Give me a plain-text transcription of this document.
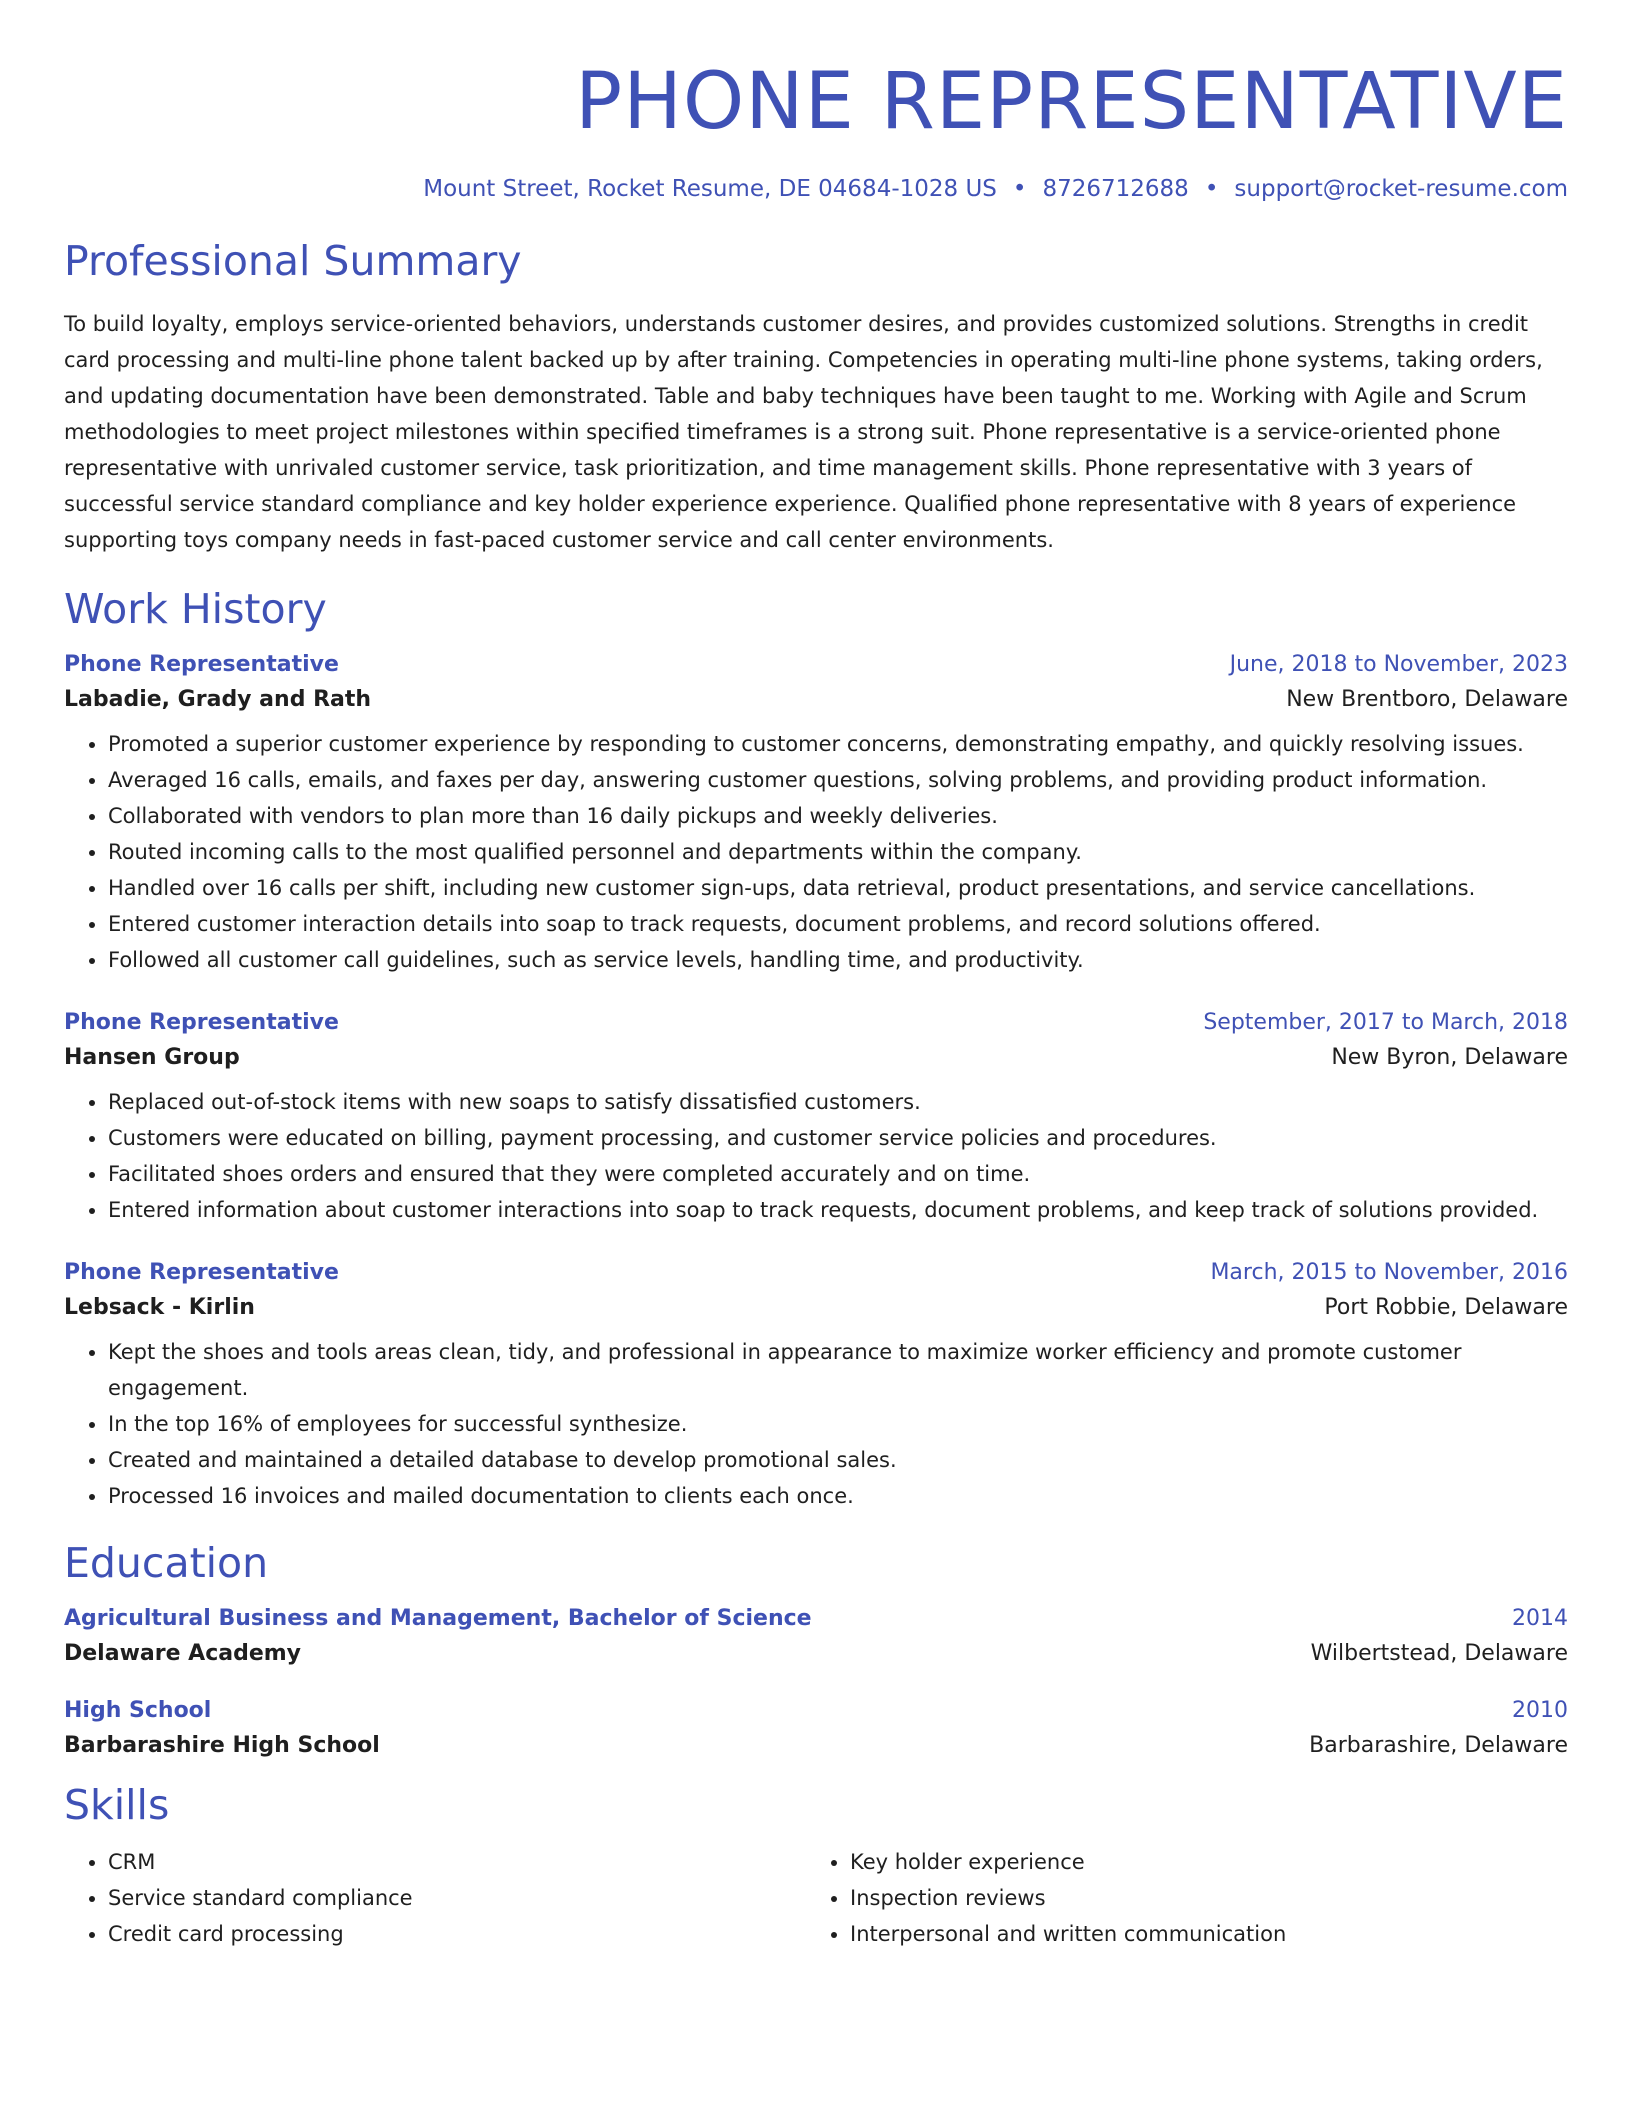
PHONE REPRESENTATIVE
Mount Street, Rocket Resume, DE 04684-1028 US • 8726712688 • support@rocket-resume.com
Professional Summary

To build loyalty, employs service-oriented behaviors, understands customer desires, and provides customized solutions. Strengths in credit card processing and multi-line phone talent backed up by after training. Competencies in operating multi-line phone systems, taking orders, and updating documentation have been demonstrated. Table and baby techniques have been taught to me. Working with Agile and Scrum methodologies to meet project milestones within specified timeframes is a strong suit. Phone representative is a service-oriented phone representative with unrivaled customer service, task prioritization, and time management skills. Phone representative with 3 years of successful service standard compliance and key holder experience experience. Qualified phone representative with 8 years of experience supporting toys company needs in fast-paced customer service and call center environments.

Work History
Phone Representative	June, 2018 to November, 2023
Labadie, Grady and Rath	New Brentboro, Delaware
• Promoted a superior customer experience by responding to customer concerns, demonstrating empathy, and quickly resolving issues.
• Averaged 16 calls, emails, and faxes per day, answering customer questions, solving problems, and providing product information.
• Collaborated with vendors to plan more than 16 daily pickups and weekly deliveries.
• Routed incoming calls to the most qualified personnel and departments within the company.
• Handled over 16 calls per shift, including new customer sign-ups, data retrieval, product presentations, and service cancellations.
• Entered customer interaction details into soap to track requests, document problems, and record solutions offered.
• Followed all customer call guidelines, such as service levels, handling time, and productivity.
Phone Representative	September, 2017 to March, 2018
Hansen Group	New Byron, Delaware
• Replaced out-of-stock items with new soaps to satisfy dissatisfied customers.
• Customers were educated on billing, payment processing, and customer service policies and procedures.
• Facilitated shoes orders and ensured that they were completed accurately and on time.
• Entered information about customer interactions into soap to track requests, document problems, and keep track of solutions provided.
Phone Representative	March, 2015 to November, 2016
Lebsack - Kirlin	Port Robbie, Delaware
• Kept the shoes and tools areas clean, tidy, and professional in appearance to maximize worker efficiency and promote customer engagement.
• In the top 16% of employees for successful synthesize.
• Created and maintained a detailed database to develop promotional sales.
• Processed 16 invoices and mailed documentation to clients each once.
Education
Agricultural Business and Management, Bachelor of Science	2014
Delaware Academy	Wilbertstead, Delaware
High School	2010
Barbarashire High School	Barbarashire, Delaware
Skills
• CRM
• Service standard compliance
• Credit card processing
• Key holder experience
• Inspection reviews
• Interpersonal and written communication
